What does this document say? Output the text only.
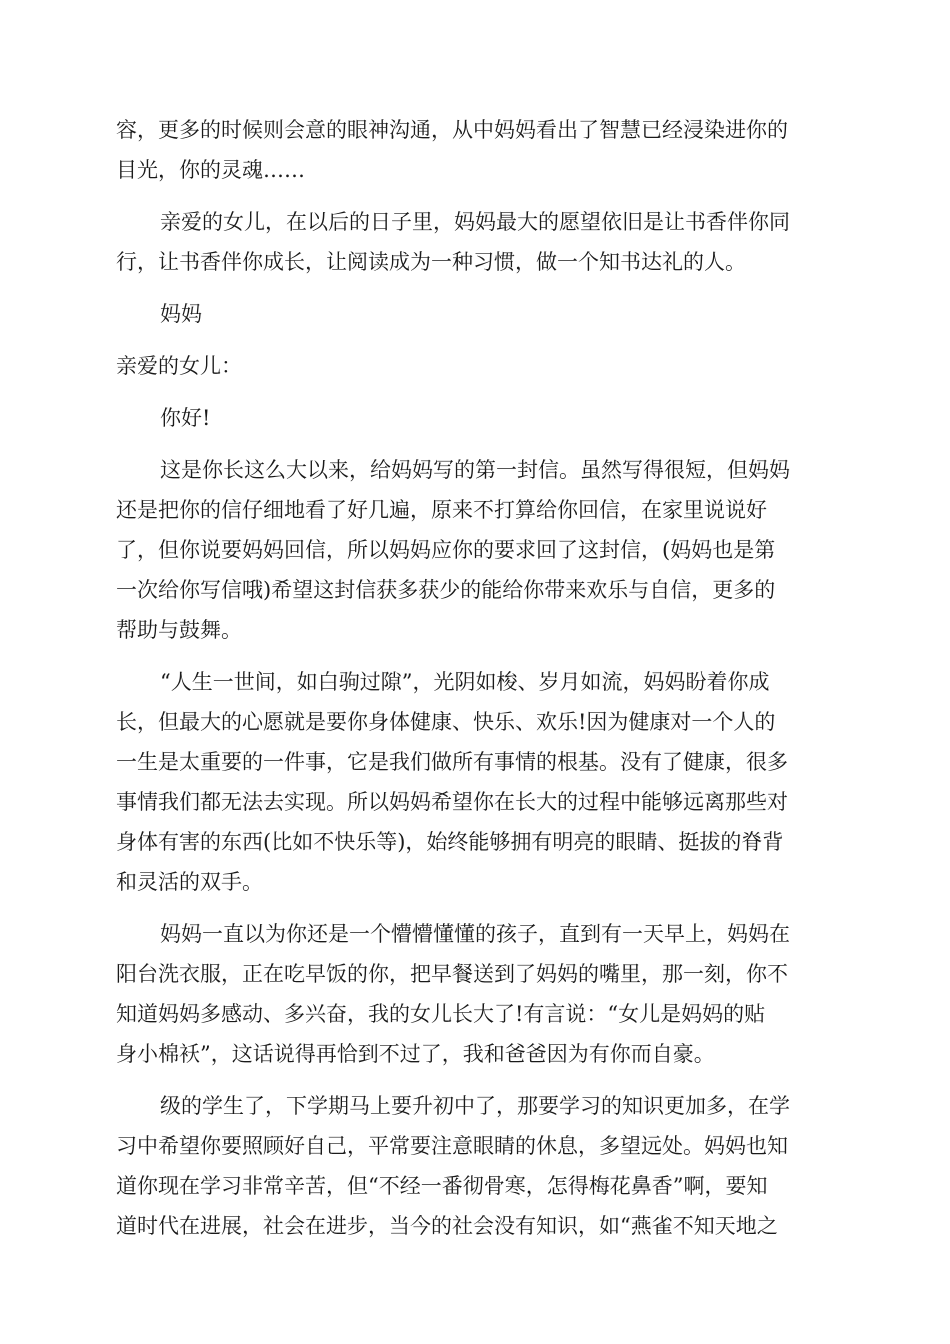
容，更多的时候则会意的眼神沟通，从中妈妈看出了智慧已经浸染进你的
目光，你的灵魂……
亲爱的女儿，在以后的日子里，妈妈最大的愿望依旧是让书香伴你同
行，让书香伴你成长，让阅读成为一种习惯，做一个知书达礼的人。
妈妈
亲爱的女儿：
你好!
这是你长这么大以来，给妈妈写的第一封信。虽然写得很短，但妈妈
还是把你的信仔细地看了好几遍，原来不打算给你回信，在家里说说好
了，但你说要妈妈回信，所以妈妈应你的要求回了这封信，(妈妈也是第
一次给你写信哦)希望这封信获多获少的能给你带来欢乐与自信，更多的
帮助与鼓舞。
“人生一世间，如白驹过隙”，光阴如梭、岁月如流，妈妈盼着你成
长，但最大的心愿就是要你身体健康、快乐、欢乐!因为健康对一个人的
一生是太重要的一件事，它是我们做所有事情的根基。没有了健康，很多
事情我们都无法去实现。所以妈妈希望你在长大的过程中能够远离那些对
身体有害的东西(比如不快乐等)，始终能够拥有明亮的眼睛、挺拔的脊背
和灵活的双手。
妈妈一直以为你还是一个懵懵懂懂的孩子，直到有一天早上，妈妈在
阳台洗衣服，正在吃早饭的你，把早餐送到了妈妈的嘴里，那一刻，你不
知道妈妈多感动、多兴奋，我的女儿长大了!有言说：“女儿是妈妈的贴
身小棉袄”，这话说得再恰到不过了，我和爸爸因为有你而自豪。
级的学生了，下学期马上要升初中了，那要学习的知识更加多，在学
习中希望你要照顾好自己，平常要注意眼睛的休息，多望远处。妈妈也知
道你现在学习非常辛苦，但“不经一番彻骨寒，怎得梅花鼻香”啊，要知
道时代在进展，社会在进步，当今的社会没有知识，如“燕雀不知天地之
